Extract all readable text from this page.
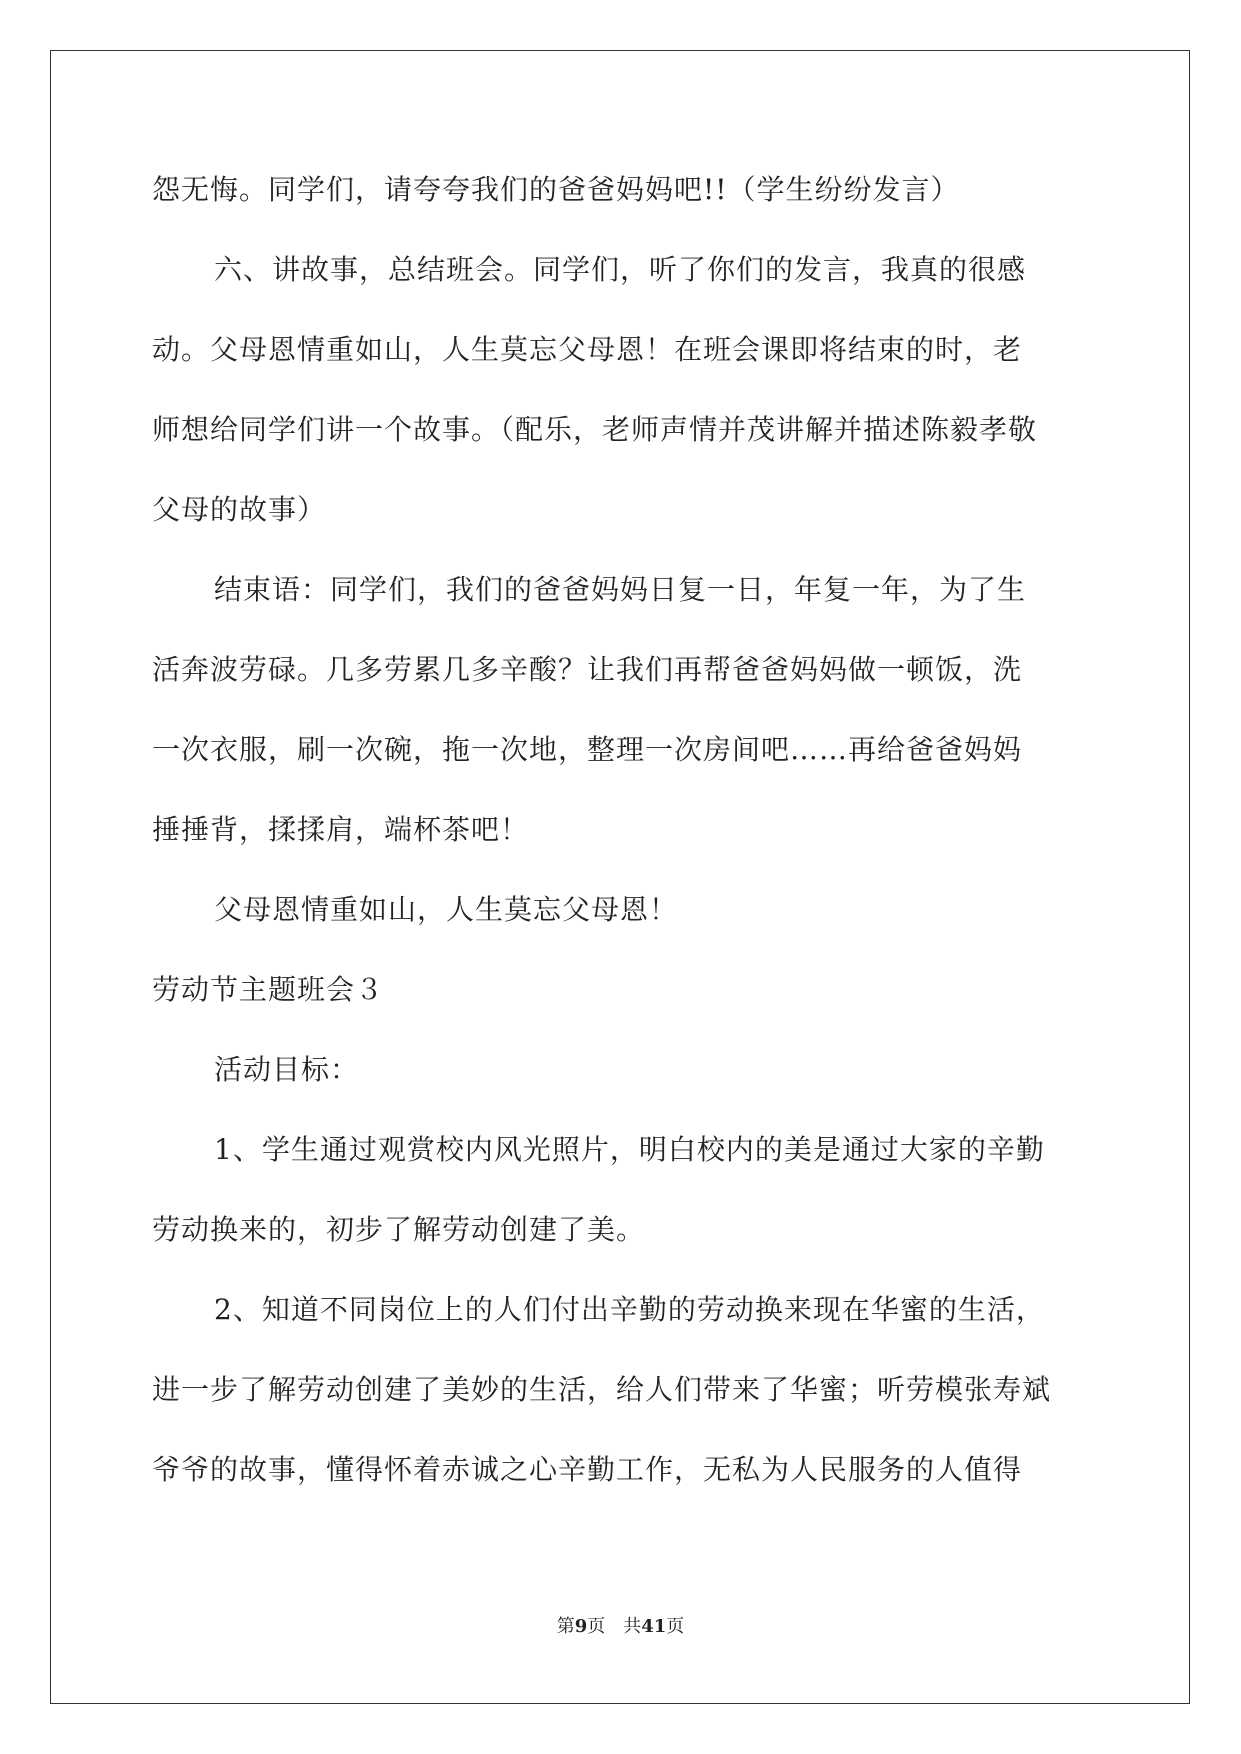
怨无悔。同学们，请夸夸我们的爸爸妈妈吧!!（学生纷纷发言）
六、讲故事，总结班会。同学们，听了你们的发言，我真的很感
动。父母恩情重如山，人生莫忘父母恩！在班会课即将结束的时，老
师想给同学们讲一个故事。（配乐，老师声情并茂讲解并描述陈毅孝敬
父母的故事）
结束语：同学们，我们的爸爸妈妈日复一日，年复一年，为了生
活奔波劳碌。几多劳累几多辛酸？让我们再帮爸爸妈妈做一顿饭，洗
一次衣服，刷一次碗，拖一次地，整理一次房间吧……再给爸爸妈妈
捶捶背，揉揉肩，端杯茶吧！
父母恩情重如山，人生莫忘父母恩！
劳动节主题班会３
活动目标：
1、学生通过观赏校内风光照片，明白校内的美是通过大家的辛勤
劳动换来的，初步了解劳动创建了美。
2、知道不同岗位上的人们付出辛勤的劳动换来现在华蜜的生活，
进一步了解劳动创建了美妙的生活，给人们带来了华蜜；听劳模张寿斌
爷爷的故事，懂得怀着赤诚之心辛勤工作，无私为人民服务的人值得
第9页　共41页
